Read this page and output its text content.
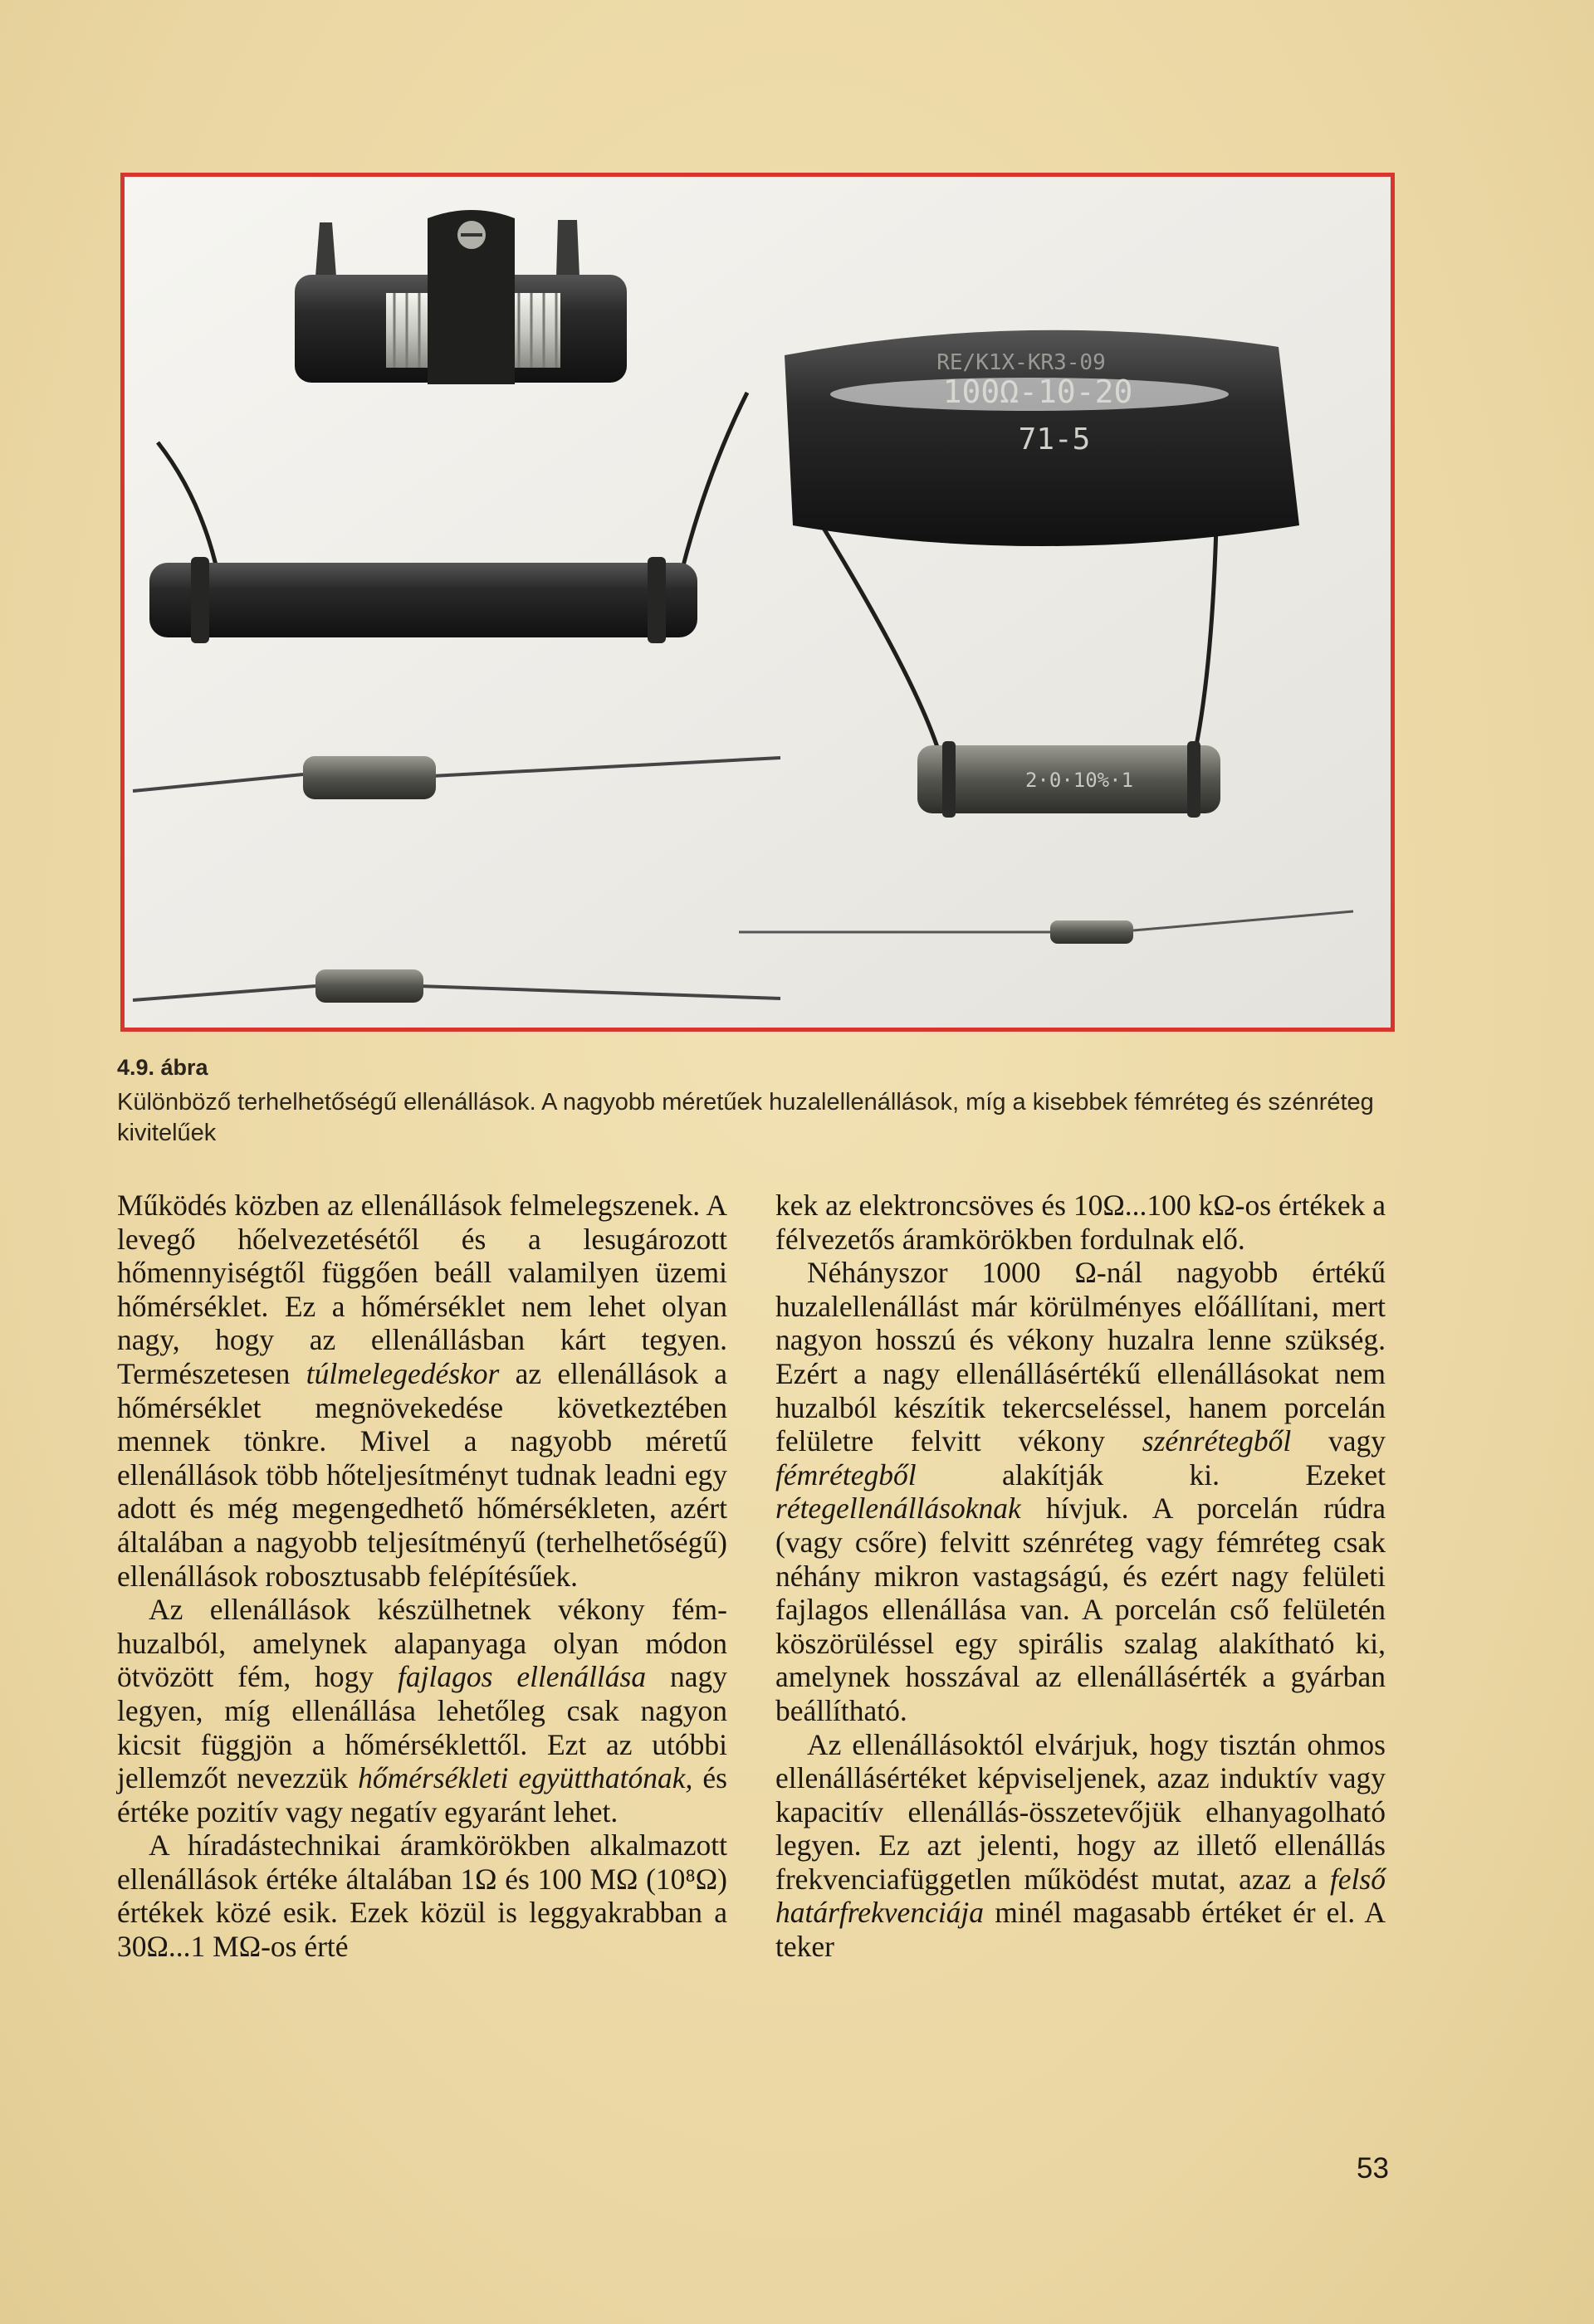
RE/K1X-KR3-09
100Ω-10-20
71-5
2·0·10%·1
4.9. ábra
Különböző terhelhetőségű ellenállások. A nagyobb méretűek huzalellenállások, míg a kisebbek fémréteg és szénréteg kivitelűek

Működés közben az ellenállások felmelegszenek. A levegő hőelvezetésétől és a lesugározott hőmennyiségtől függően beáll valamilyen üzemi hőmérséklet. Ez a hőmérséklet nem lehet olyan nagy, hogy az ellenállásban kárt tegyen. Természetesen túlmelegedéskor az ellenállások a hőmérséklet megnövekedése következtében mennek tönkre. Mivel a nagyobb méretű ellenállások több hőteljesítményt tudnak leadni egy adott és még megengedhető hőmérsékleten, azért általában a nagyobb teljesítményű (terhelhetőségű) ellenállások robosztusabb felépítésűek.

Az ellenállások készülhetnek vékony fémhuzalból, amelynek alapanyaga olyan módon ötvözött fém, hogy fajlagos ellenállása nagy legyen, míg ellenállása lehetőleg csak nagyon kicsit függjön a hőmérséklettől. Ezt az utóbbi jellemzőt nevezzük hőmérsékleti együtthatónak, és értéke pozitív vagy negatív egyaránt lehet.

A híradástechnikai áramkörökben alkalmazott ellenállások értéke általában 1Ω és 100 MΩ (10⁸Ω) értékek közé esik. Ezek közül is leggyakrabban a 30Ω...1 MΩ-os érté

kek az elektroncsöves és 10Ω...100 kΩ-os értékek a félvezetős áramkörökben fordulnak elő.

Néhányszor 1000 Ω-nál nagyobb értékű huzalellenállást már körülményes előállítani, mert nagyon hosszú és vékony huzalra lenne szükség. Ezért a nagy ellenállásértékű ellenállásokat nem huzalból készítik tekercseléssel, hanem porcelán felületre felvitt vékony szénrétegből vagy fémrétegből alakítják ki. Ezeket rétegellenállásoknak hívjuk. A porcelán rúdra (vagy csőre) felvitt szénréteg vagy fémréteg csak néhány mikron vastagságú, és ezért nagy felületi fajlagos ellenállása van. A porcelán cső felületén köszörüléssel egy spirális szalag alakítható ki, amelynek hosszával az ellenállásérték a gyárban beállítható.

Az ellenállásoktól elvárjuk, hogy tisztán ohmos ellenállásértéket képviseljenek, azaz induktív vagy kapacitív ellenállás-összetevőjük elhanyagolható legyen. Ez azt jelenti, hogy az illető ellenállás frekvenciafüggetlen működést mutat, azaz a felső határfrekvenciája minél magasabb értéket ér el. A teker

53
